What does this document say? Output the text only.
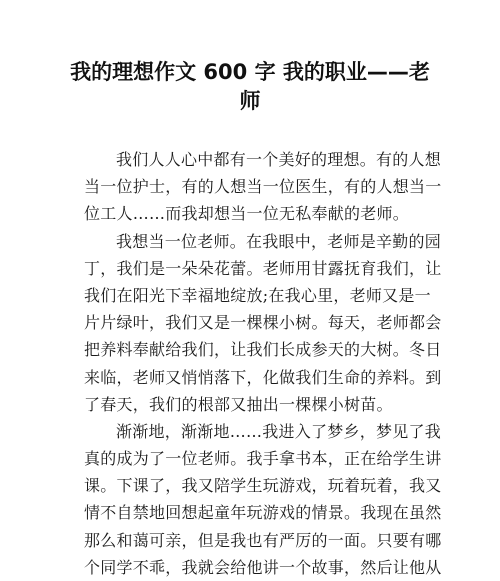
我的理想作文 600 字 我的职业——老师
我们人人心中都有一个美好的理想。有的人想
当一位护士，有的人想当一位医生，有的人想当一
位工人……而我却想当一位无私奉献的老师。
我想当一位老师。在我眼中，老师是辛勤的园
丁，我们是一朵朵花蕾。老师用甘露抚育我们，让
我们在阳光下幸福地绽放;在我心里，老师又是一
片片绿叶，我们又是一棵棵小树。每天，老师都会
把养料奉献给我们，让我们长成参天的大树。冬日
来临，老师又悄悄落下，化做我们生命的养料。到
了春天，我们的根部又抽出一棵棵小树苗。
渐渐地，渐渐地……我进入了梦乡，梦见了我
真的成为了一位老师。我手拿书本，正在给学生讲
课。下课了，我又陪学生玩游戏，玩着玩着，我又
情不自禁地回想起童年玩游戏的情景。我现在虽然
那么和蔼可亲，但是我也有严厉的一面。只要有哪
个同学不乖，我就会给他讲一个故事，然后让他从
